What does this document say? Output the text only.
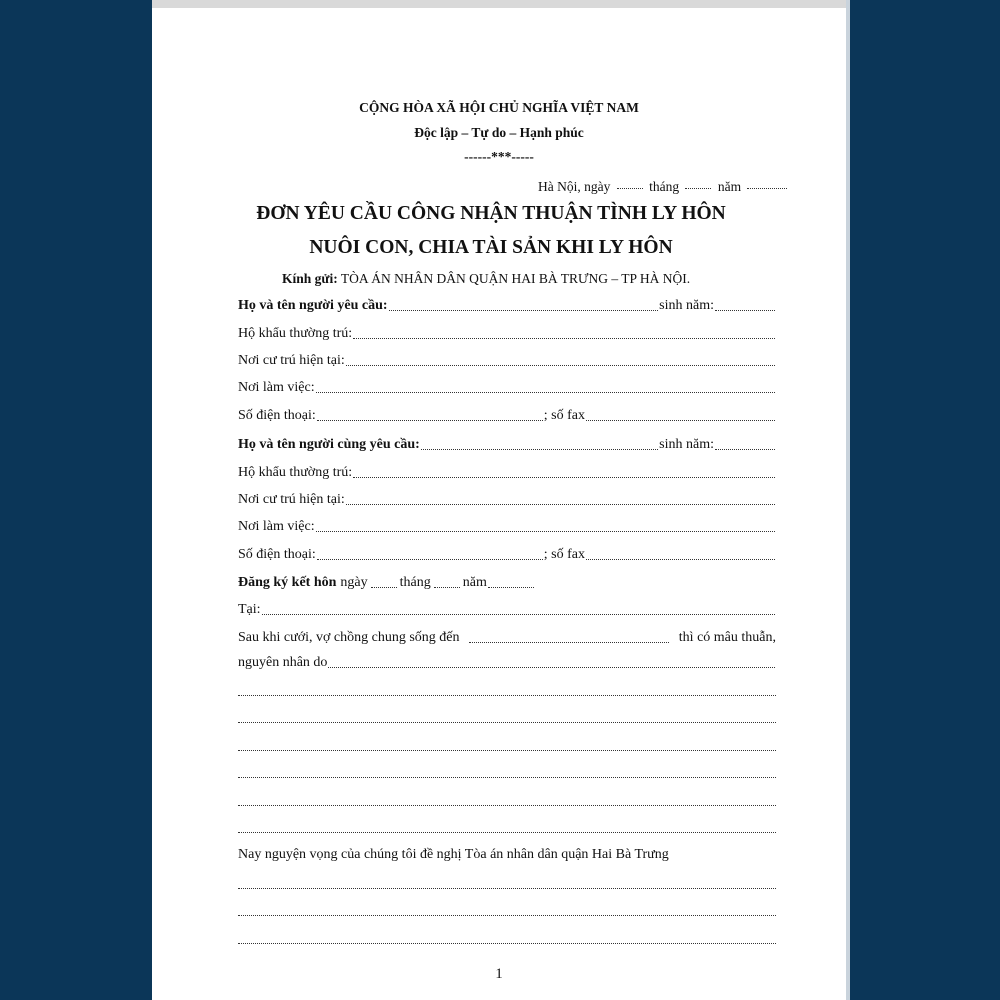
CỘNG HÒA XÃ HỘI CHỦ NGHĨA VIỆT NAM
Độc lập – Tự do – Hạnh phúc
------***-----
Hà Nội, ngày	tháng	năm
ĐƠN YÊU CẦU CÔNG NHẬN THUẬN TÌNH LY HÔN
NUÔI CON, CHIA TÀI SẢN KHI LY HÔN
Kính gửi: TÒA ÁN NHÂN DÂN QUẬN HAI BÀ TRƯNG – TP HÀ NỘI.
Họ và tên người yêu cầu:	sinh năm:
Hộ khẩu thường trú:
Nơi cư trú hiện tại:
Nơi làm việc:
Số điện thoại:	; số fax
Họ và tên người cùng yêu cầu:	sinh năm:
Hộ khẩu thường trú:
Nơi cư trú hiện tại:
Nơi làm việc:
Số điện thoại:	; số fax
Đăng ký kết hôn ngày tháng năm
Tại:
Sau khi cưới, vợ chồng chung sống đến	thì có mâu thuẫn,
nguyên nhân do
Nay nguyện vọng của chúng tôi đề nghị Tòa án nhân dân quận Hai Bà Trưng
1
